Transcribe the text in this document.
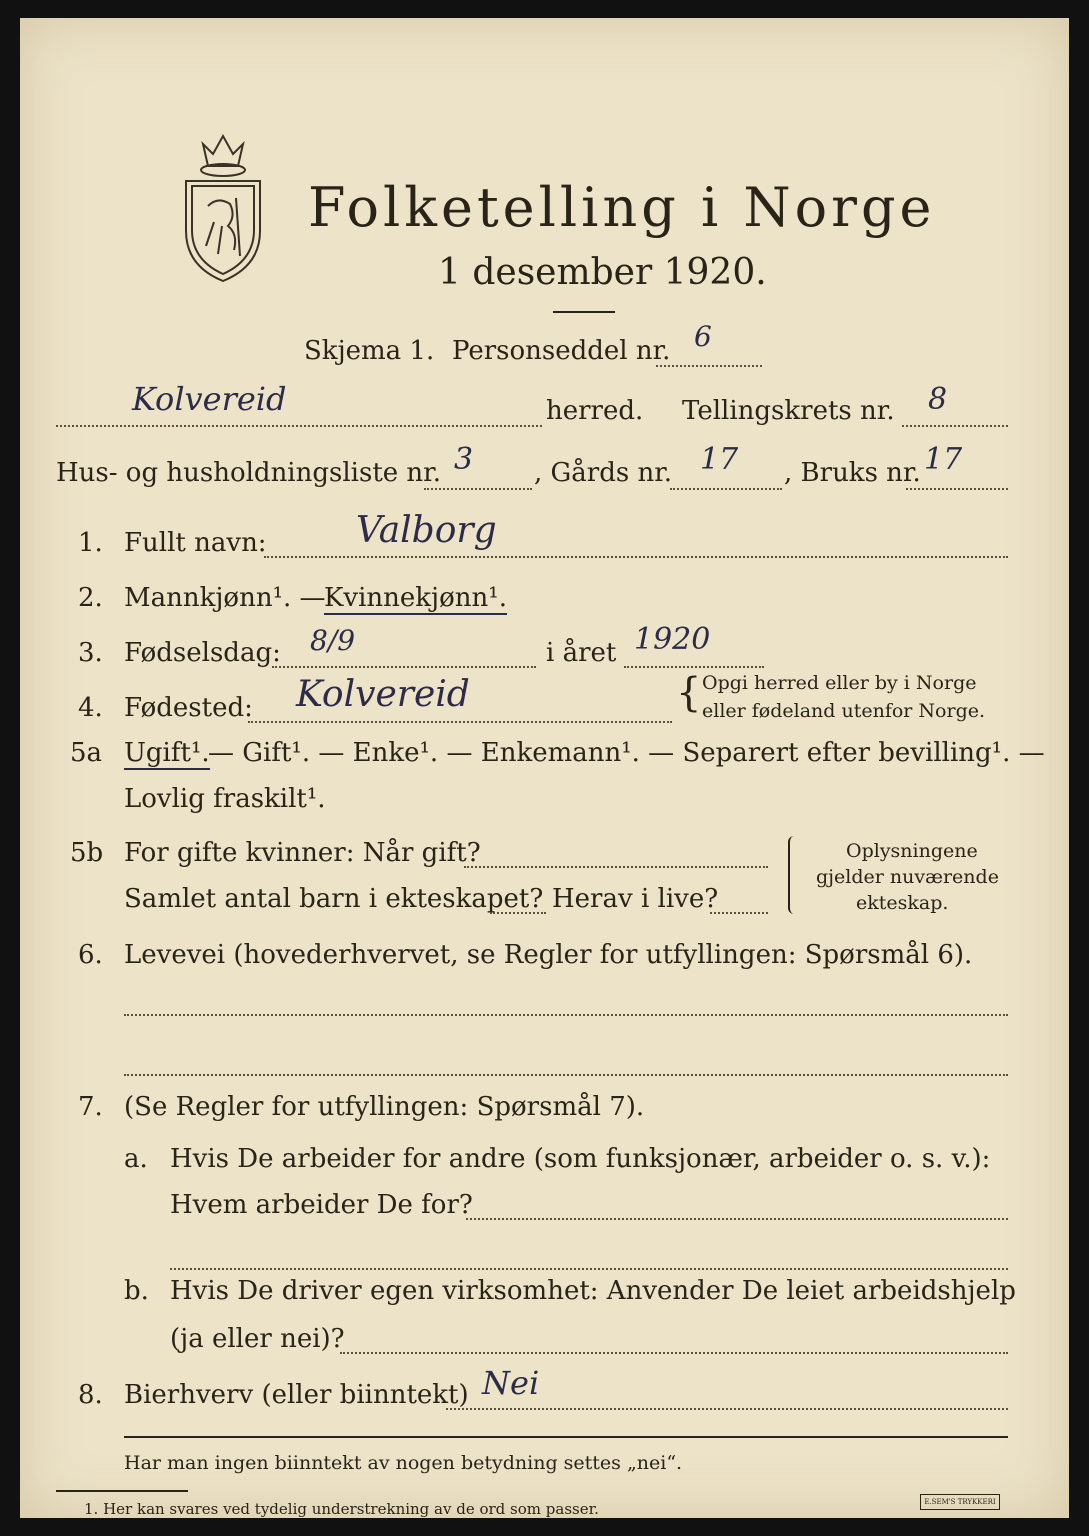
Folketelling i Norge
1 desember 1920.
Skjema 1. Personseddel nr. 6
Kolvereid	herred. Tellingskrets nr. 8
Hus- og husholdningsliste nr. 3 , Gårds nr. 17 , Bruks nr. 17
1. Fullt navn: Valborg
2. Mannkjønn¹. —
Kvinnekjønn¹.
3. Fødselsdag: 8/9	i året 1920
4. Fødested: Kolvereid	{ Opgi herred eller by i Norge
eller fødeland utenfor Norge.
5a Ugift¹.
— Gift¹. — Enke¹. — Enkemann¹. — Separert efter bevilling¹. —
Lovlig fraskilt¹.
5b For gifte kvinner: Når gift?
Samlet antal barn i ekteskapet? Herav i live?
Oplysningene
gjelder nuværende
ekteskap.
6. Levevei (hovederhvervet, se Regler for utfyllingen: Spørsmål 6).
7. (Se Regler for utfyllingen: Spørsmål 7).
a. Hvis De arbeider for andre (som funksjonær, arbeider o. s. v.):
Hvem arbeider De for?
b. Hvis De driver egen virksomhet: Anvender De leiet arbeidshjelp
(ja eller nei)?
8. Bierhverv (eller biinntekt) Nei
Har man ingen biinntekt av nogen betydning settes „nei“.
1. Her kan svares ved tydelig understrekning av de ord som passer.	E.SEM'S TRYKKERI
